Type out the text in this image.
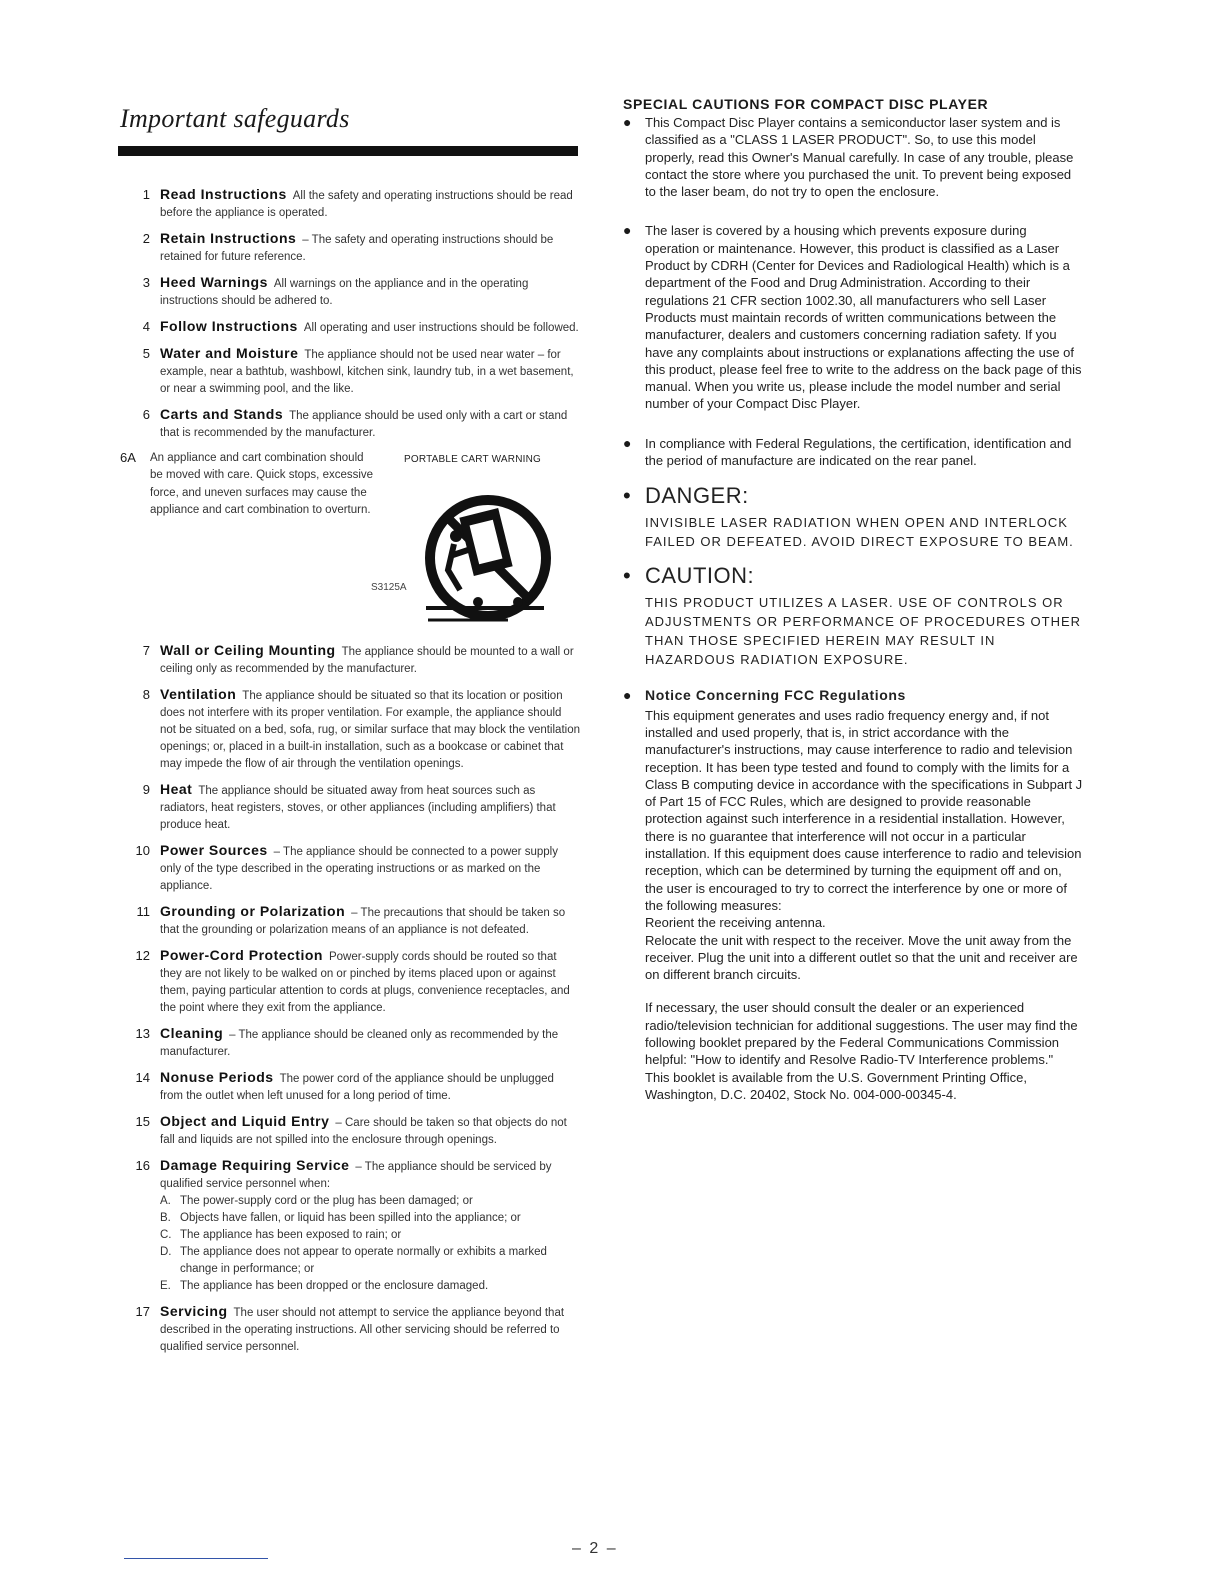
Important safeguards
1 Read Instructions All the safety and operating instructions should be read before the appliance is operated.
2 Retain Instructions – The safety and operating instructions should be retained for future reference.
3 Heed Warnings All warnings on the appliance and in the operating instructions should be adhered to.
4 Follow Instructions All operating and user instructions should be followed.
5 Water and Moisture The appliance should not be used near water – for example, near a bathtub, washbowl, kitchen sink, laundry tub, in a wet basement, or near a swimming pool, and the like.
6 Carts and Stands The appliance should be used only with a cart or stand that is recommended by the manufacturer.
6A An appliance and cart combination should be moved with care. Quick stops, excessive force, and uneven surfaces may cause the appliance and cart combination to overturn.
PORTABLE CART WARNING
S3125A
7 Wall or Ceiling Mounting The appliance should be mounted to a wall or ceiling only as recommended by the manufacturer.
8 Ventilation The appliance should be situated so that its location or position does not interfere with its proper ventilation. For example, the appliance should not be situated on a bed, sofa, rug, or similar surface that may block the ventilation openings; or, placed in a built-in installation, such as a bookcase or cabinet that may impede the flow of air through the ventilation openings.
9 Heat The appliance should be situated away from heat sources such as radiators, heat registers, stoves, or other appliances (including amplifiers) that produce heat.
10 Power Sources – The appliance should be connected to a power supply only of the type described in the operating instructions or as marked on the appliance.
11 Grounding or Polarization – The precautions that should be taken so that the grounding or polarization means of an appliance is not defeated.
12 Power-Cord Protection Power-supply cords should be routed so that they are not likely to be walked on or pinched by items placed upon or against them, paying particular attention to cords at plugs, convenience receptacles, and the point where they exit from the appliance.
13 Cleaning – The appliance should be cleaned only as recommended by the manufacturer.
14 Nonuse Periods The power cord of the appliance should be unplugged from the outlet when left unused for a long period of time.
15 Object and Liquid Entry – Care should be taken so that objects do not fall and liquids are not spilled into the enclosure through openings.
16 Damage Requiring Service – The appliance should be serviced by qualified service personnel when:
A. The power-supply cord or the plug has been damaged; or
B. Objects have fallen, or liquid has been spilled into the appliance; or
C. The appliance has been exposed to rain; or
D. The appliance does not appear to operate normally or exhibits a marked change in performance; or
E. The appliance has been dropped or the enclosure damaged.
17 Servicing The user should not attempt to service the appliance beyond that described in the operating instructions. All other servicing should be referred to qualified service personnel.
SPECIAL CAUTIONS FOR COMPACT DISC PLAYER
●	This Compact Disc Player contains a semiconductor laser system and is classified as a "CLASS 1 LASER PRODUCT". So, to use this model properly, read this Owner's Manual carefully. In case of any trouble, please contact the store where you purchased the unit. To prevent being exposed to the laser beam, do not try to open the enclosure.
●	The laser is covered by a housing which prevents exposure during operation or maintenance. However, this product is classified as a Laser Product by CDRH (Center for Devices and Radiological Health) which is a department of the Food and Drug Administration. According to their regulations 21 CFR section 1002.30, all manufacturers who sell Laser Products must maintain records of written communications between the manufacturer, dealers and customers concerning radiation safety. If you have any complaints about instructions or explanations affecting the use of this product, please feel free to write to the address on the back page of this manual. When you write us, please include the model number and serial number of your Compact Disc Player.
●	In compliance with Federal Regulations, the certification, identification and the period of manufacture are indicated on the rear panel.
• DANGER:
INVISIBLE LASER RADIATION WHEN OPEN AND INTERLOCK FAILED OR DEFEATED. AVOID DIRECT EXPOSURE TO BEAM.
• CAUTION:
THIS PRODUCT UTILIZES A LASER. USE OF CONTROLS OR ADJUSTMENTS OR PERFORMANCE OF PROCEDURES OTHER THAN THOSE SPECIFIED HEREIN MAY RESULT IN HAZARDOUS RADIATION EXPOSURE.
● Notice Concerning FCC Regulations
This equipment generates and uses radio frequency energy and, if not installed and used properly, that is, in strict accordance with the manufacturer's instructions, may cause interference to radio and television reception. It has been type tested and found to comply with the limits for a Class B computing device in accordance with the specifications in Subpart J of Part 15 of FCC Rules, which are designed to provide reasonable protection against such interference in a residential installation. However, there is no guarantee that interference will not occur in a particular installation. If this equipment does cause interference to radio and television reception, which can be determined by turning the equipment off and on, the user is encouraged to try to correct the interference by one or more of the following measures:
Reorient the receiving antenna.
Relocate the unit with respect to the receiver. Move the unit away from the receiver. Plug the unit into a different outlet so that the unit and receiver are on different branch circuits.
If necessary, the user should consult the dealer or an experienced radio/television technician for additional suggestions. The user may find the following booklet prepared by the Federal Communications Commission helpful: "How to identify and Resolve Radio-TV Interference problems."
This booklet is available from the U.S. Government Printing Office, Washington, D.C. 20402, Stock No. 004-000-00345-4.
– 2 –
